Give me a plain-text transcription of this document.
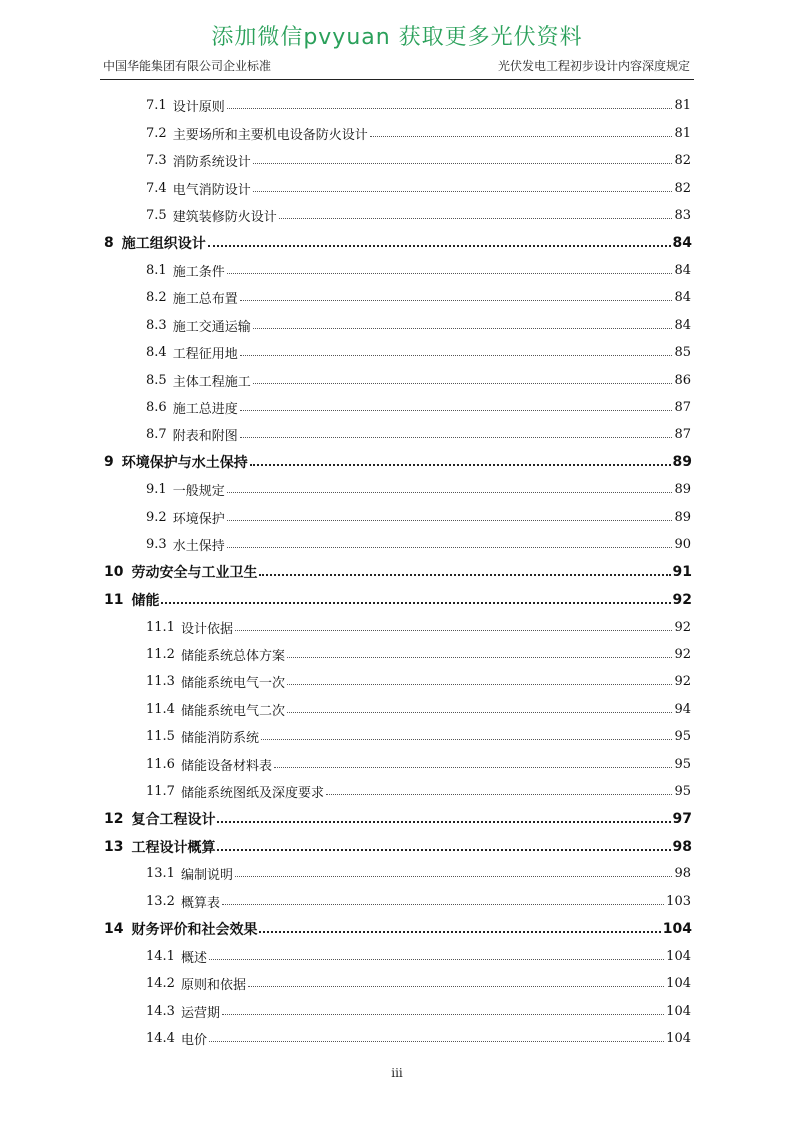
添加微信pvyuan 获取更多光伏资料
中国华能集团有限公司企业标准	光伏发电工程初步设计内容深度规定
7.1 设计原则	81
7.2 主要场所和主要机电设备防火设计	81
7.3 消防系统设计	82
7.4 电气消防设计	82
7.5 建筑装修防火设计	83
8 施工组织设计	84
8.1 施工条件	84
8.2 施工总布置	84
8.3 施工交通运输	84
8.4 工程征用地	85
8.5 主体工程施工	86
8.6 施工总进度	87
8.7 附表和附图	87
9 环境保护与水土保持	89
9.1 一般规定	89
9.2 环境保护	89
9.3 水土保持	90
10 劳动安全与工业卫生	91
11 储能	92
11.1 设计依据	92
11.2 储能系统总体方案	92
11.3 储能系统电气一次	92
11.4 储能系统电气二次	94
11.5 储能消防系统	95
11.6 储能设备材料表	95
11.7 储能系统图纸及深度要求	95
12 复合工程设计	97
13 工程设计概算	98
13.1 编制说明	98
13.2 概算表	103
14 财务评价和社会效果	104
14.1 概述	104
14.2 原则和依据	104
14.3 运营期	104
14.4 电价	104
iii
